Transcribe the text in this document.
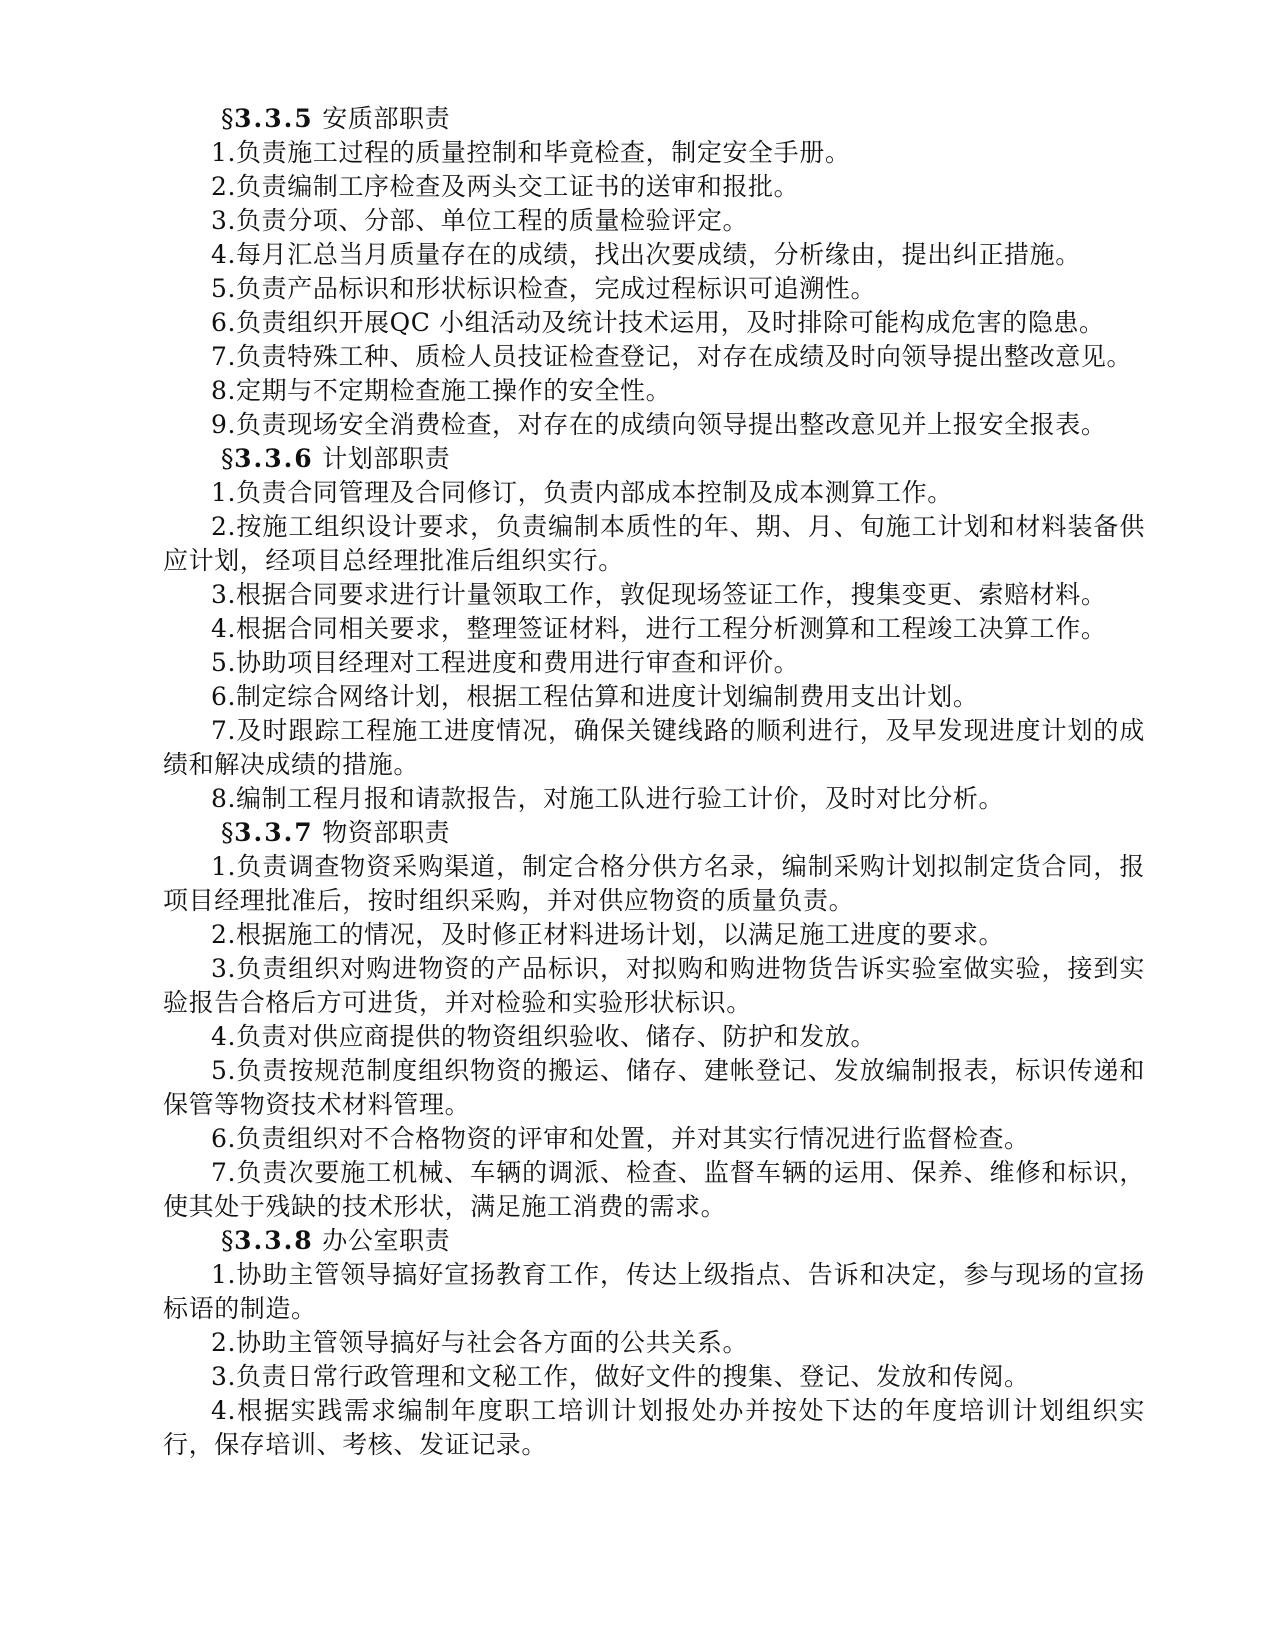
§3.3.5 安质部职责

1.负责施工过程的质量控制和毕竟检查，制定安全手册。

2.负责编制工序检查及两头交工证书的送审和报批。

3.负责分项、分部、单位工程的质量检验评定。

4.每月汇总当月质量存在的成绩，找出次要成绩，分析缘由，提出纠正措施。

5.负责产品标识和形状标识检查，完成过程标识可追溯性。

6.负责组织开展QC 小组活动及统计技术运用，及时排除可能构成危害的隐患。

7.负责特殊工种、质检人员技证检查登记，对存在成绩及时向领导提出整改意见。

8.定期与不定期检查施工操作的安全性。

9.负责现场安全消费检查，对存在的成绩向领导提出整改意见并上报安全报表。

§3.3.6 计划部职责

1.负责合同管理及合同修订，负责内部成本控制及成本测算工作。

2.按施工组织设计要求，负责编制本质性的年、期、月、旬施工计划和材料装备供应计划，经项目总经理批准后组织实行。

3.根据合同要求进行计量领取工作，敦促现场签证工作，搜集变更、索赔材料。

4.根据合同相关要求，整理签证材料，进行工程分析测算和工程竣工决算工作。

5.协助项目经理对工程进度和费用进行审查和评价。

6.制定综合网络计划，根据工程估算和进度计划编制费用支出计划。

7.及时跟踪工程施工进度情况，确保关键线路的顺利进行，及早发现进度计划的成绩和解决成绩的措施。

8.编制工程月报和请款报告，对施工队进行验工计价，及时对比分析。

§3.3.7 物资部职责

1.负责调查物资采购渠道，制定合格分供方名录，编制采购计划拟制定货合同，报项目经理批准后，按时组织采购，并对供应物资的质量负责。

2.根据施工的情况，及时修正材料进场计划，以满足施工进度的要求。

3.负责组织对购进物资的产品标识，对拟购和购进物货告诉实验室做实验，接到实验报告合格后方可进货，并对检验和实验形状标识。

4.负责对供应商提供的物资组织验收、储存、防护和发放。

5.负责按规范制度组织物资的搬运、储存、建帐登记、发放编制报表，标识传递和保管等物资技术材料管理。

6.负责组织对不合格物资的评审和处置，并对其实行情况进行监督检查。

7.负责次要施工机械、车辆的调派、检查、监督车辆的运用、保养、维修和标识，使其处于残缺的技术形状，满足施工消费的需求。

§3.3.8 办公室职责

1.协助主管领导搞好宣扬教育工作，传达上级指点、告诉和决定，参与现场的宣扬标语的制造。

2.协助主管领导搞好与社会各方面的公共关系。

3.负责日常行政管理和文秘工作，做好文件的搜集、登记、发放和传阅。

4.根据实践需求编制年度职工培训计划报处办并按处下达的年度培训计划组织实行，保存培训、考核、发证记录。
